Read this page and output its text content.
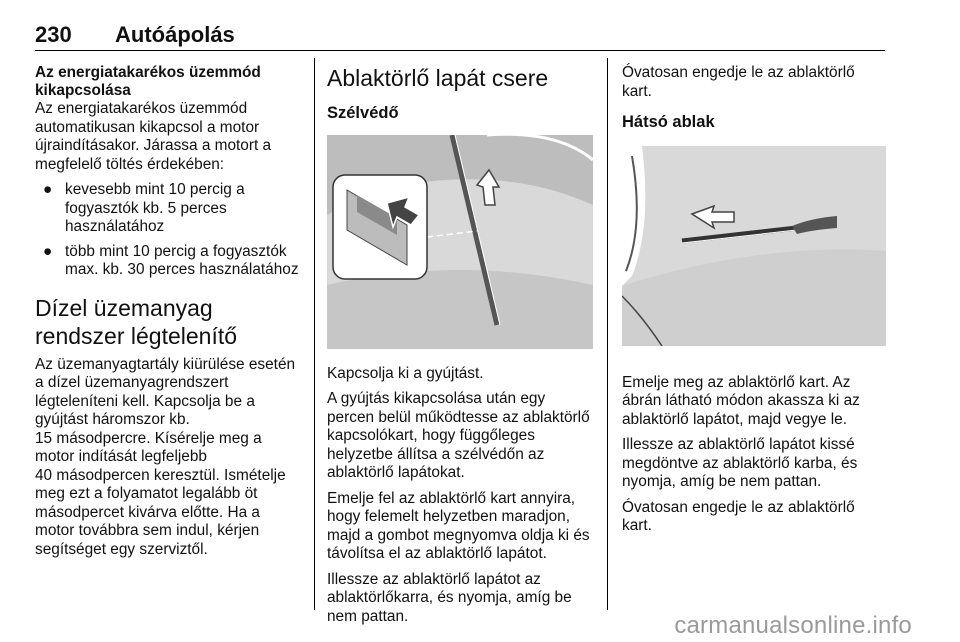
230 Autóápolás
Az energiatakarékos üzemmód
kikapcsolása

Az energiatakarékos üzemmód automatikusan kikapcsol a motor újraindításakor. Járassa a motort a megfelelő töltés érdekében:

● kevesebb mint 10 percig a fogyasztók kb. 5 perces használatához
● több mint 10 percig a fogyasztók max. kb. 30 perces használatához
Dízel üzemanyag rendszer légtelenítő
Az üzemanyagtartály kiürülése esetén a dízel üzemanyagrendszert légteleníteni kell. Kapcsolja be a gyújtást háromszor kb.
15 másodpercre. Kísérelje meg a motor indítását legfeljebb
40 másodpercen keresztül. Ismételje meg ezt a folyamatot legalább öt másodpercet kivárva előtte. Ha a motor továbbra sem indul, kérjen segítséget egy szerviztől.
Ablaktörlő lapát csere
Szélvédő

Kapcsolja ki a gyújtást.

A gyújtás kikapcsolása után egy percen belül működtesse az ablaktörlő kapcsolókart, hogy függőleges helyzetbe állítsa a szélvédőn az ablaktörlő lapátokat.

Emelje fel az ablaktörlő kart annyira, hogy felemelt helyzetben maradjon, majd a gombot megnyomva oldja ki és távolítsa el az ablaktörlő lapátot.

Illessze az ablaktörlő lapátot az ablaktörlőkarra, és nyomja, amíg be nem pattan.

Óvatosan engedje le az ablaktörlő kart.

Hátsó ablak

Emelje meg az ablaktörlő kart. Az ábrán látható módon akassza ki az ablaktörlő lapátot, majd vegye le.

Illessze az ablaktörlő lapátot kissé megdöntve az ablaktörlő karba, és nyomja, amíg be nem pattan.

Óvatosan engedje le az ablaktörlő kart.

carmanualsonline.info
